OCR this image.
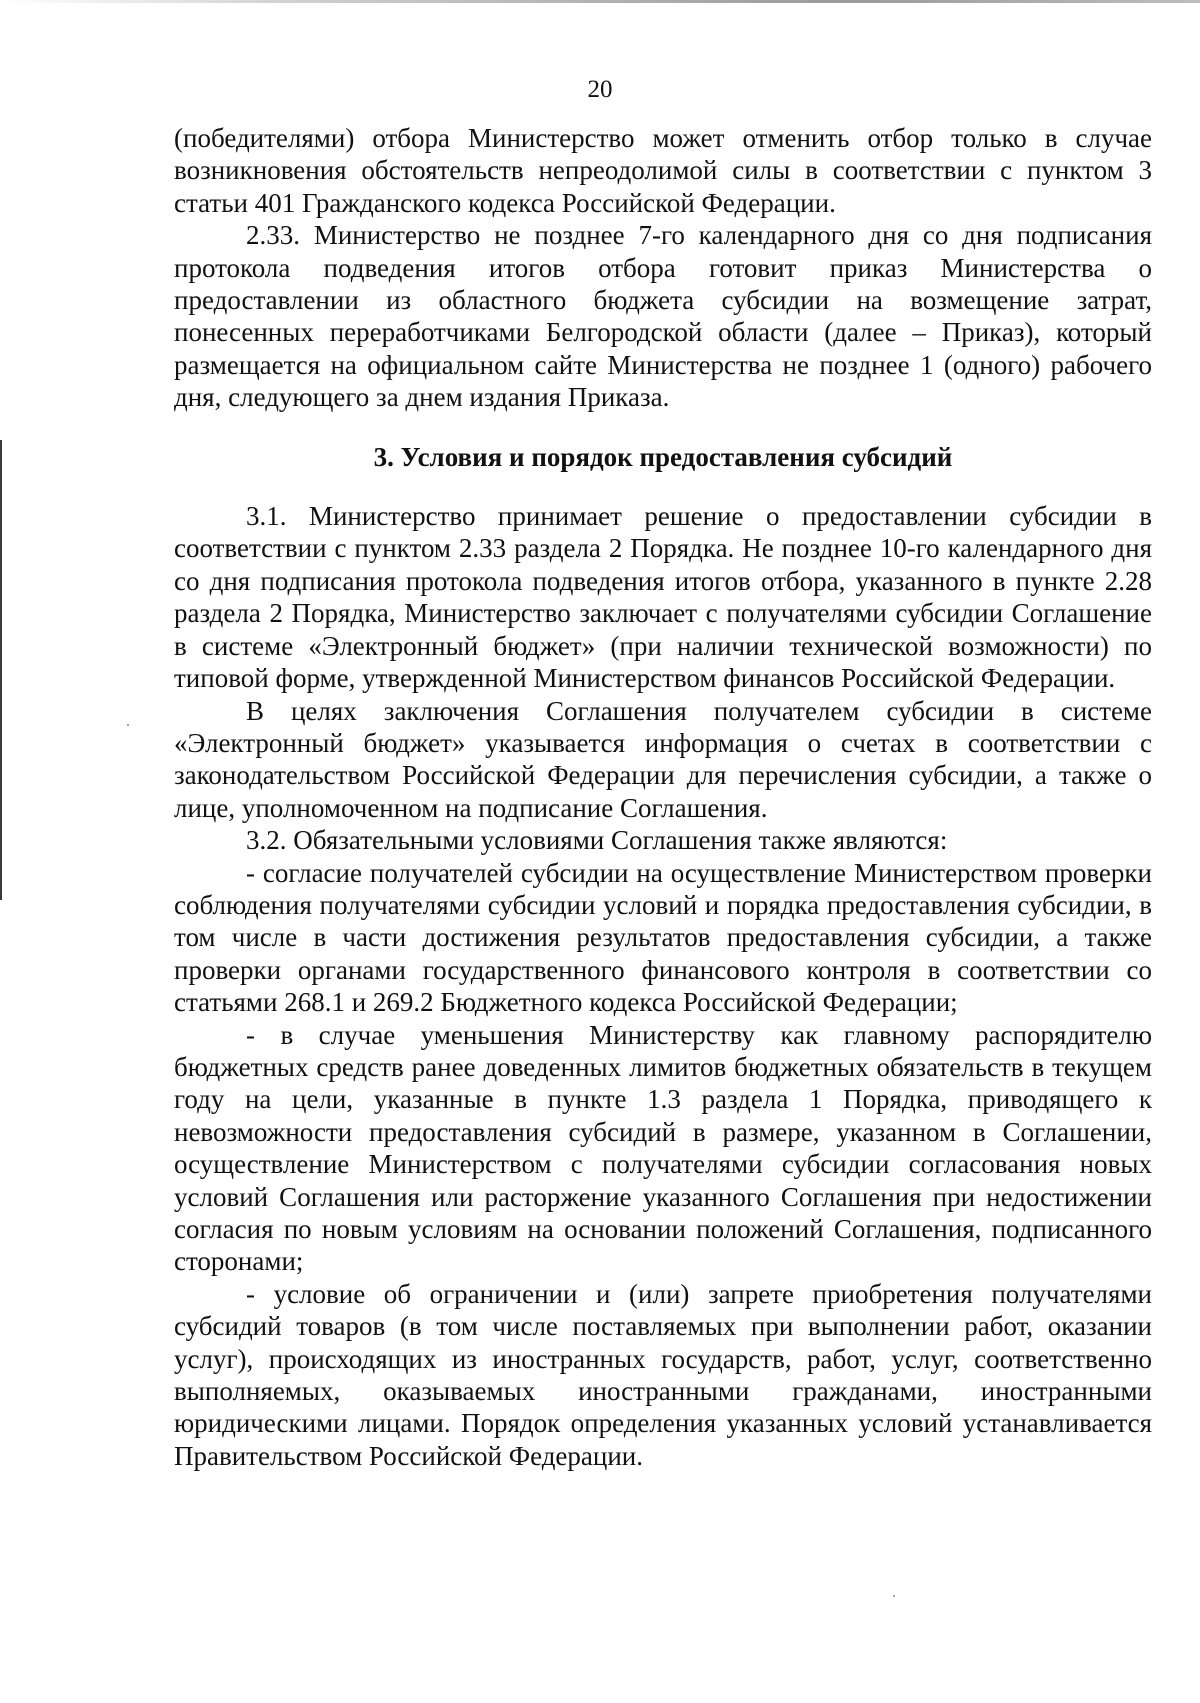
20

(победителями) отбора Министерство может отменить отбор только в случае возникновения обстоятельств непреодолимой силы в соответствии с пунктом 3 статьи 401 Гражданского кодекса Российской Федерации.

2.33. Министерство не позднее 7-го календарного дня со дня подписания протокола подведения итогов отбора готовит приказ Министерства о предоставлении из областного бюджета субсидии на возмещение затрат, понесенных переработчиками Белгородской области (далее – Приказ), который размещается на официальном сайте Министерства не позднее 1 (одного) рабочего дня, следующего за днем издания Приказа.

3. Условия и порядок предоставления субсидий

3.1. Министерство принимает решение о предоставлении субсидии в соответствии с пунктом 2.33 раздела 2 Порядка. Не позднее 10-го календарного дня со дня подписания протокола подведения итогов отбора, указанного в пункте 2.28 раздела 2 Порядка, Министерство заключает с получателями субсидии Соглашение в системе «Электронный бюджет» (при наличии технической возможности) по типовой форме, утвержденной Министерством финансов Российской Федерации.

В целях заключения Соглашения получателем субсидии в системе «Электронный бюджет» указывается информация о счетах в соответствии с законодательством Российской Федерации для перечисления субсидии, а также о лице, уполномоченном на подписание Соглашения.

3.2. Обязательными условиями Соглашения также являются:

- согласие получателей субсидии на осуществление Министерством проверки соблюдения получателями субсидии условий и порядка предоставления субсидии, в том числе в части достижения результатов предоставления субсидии, а также проверки органами государственного финансового контроля в соответствии со статьями 268.1 и 269.2 Бюджетного кодекса Российской Федерации;

- в случае уменьшения Министерству как главному распорядителю бюджетных средств ранее доведенных лимитов бюджетных обязательств в текущем году на цели, указанные в пункте 1.3 раздела 1 Порядка, приводящего к невозможности предоставления субсидий в размере, указанном в Соглашении, осуществление Министерством с получателями субсидии согласования новых условий Соглашения или расторжение указанного Соглашения при недостижении согласия по новым условиям на основании положений Соглашения, подписанного сторонами;

- условие об ограничении и (или) запрете приобретения получателями субсидий товаров (в том числе поставляемых при выполнении работ, оказании услуг), происходящих из иностранных государств, работ, услуг, соответственно выполняемых, оказываемых иностранными гражданами, иностранными юридическими лицами. Порядок определения указанных условий устанавливается Правительством Российской Федерации.
